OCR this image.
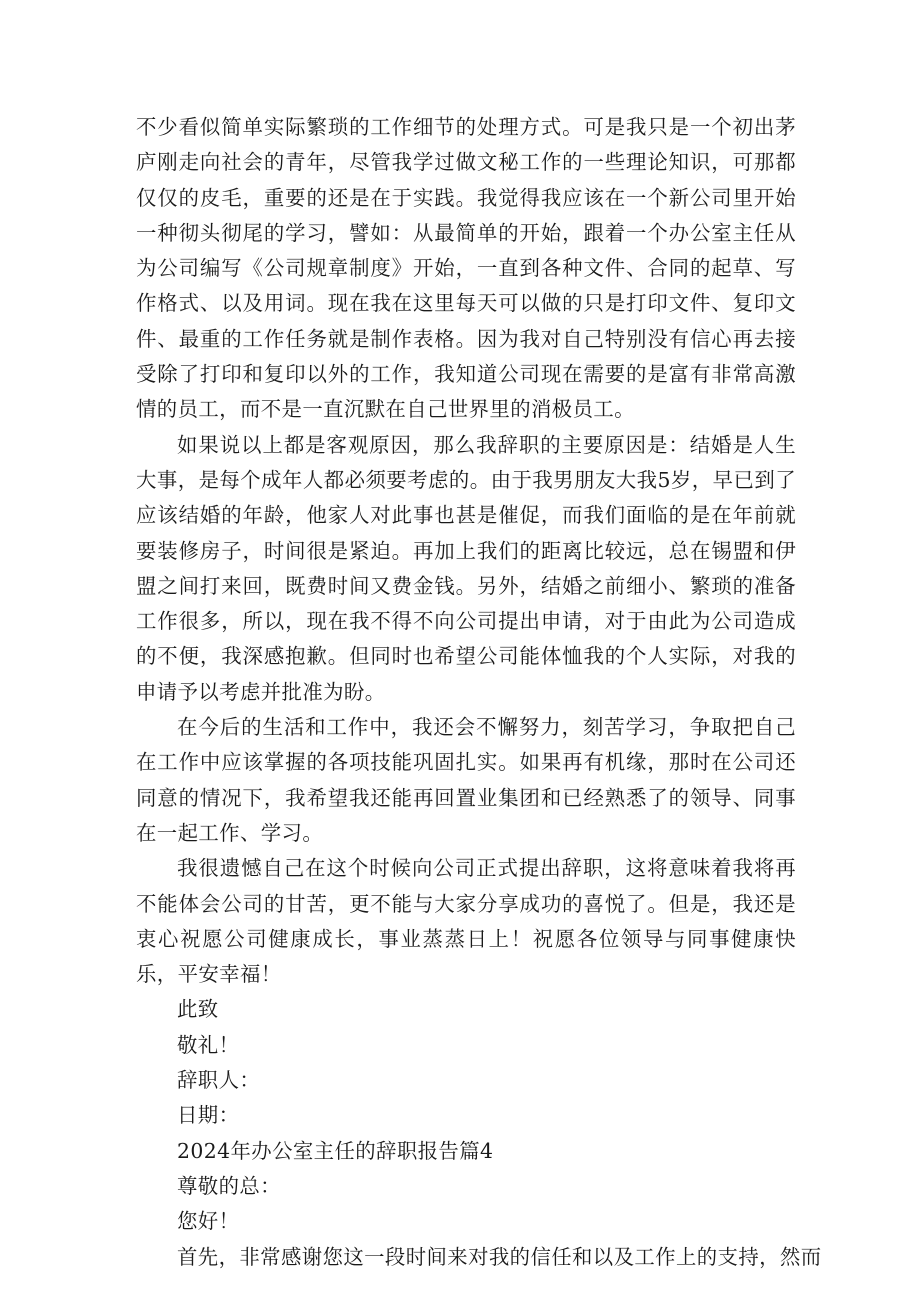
不少看似简单实际繁琐的工作细节的处理方式。可是我只是一个初出茅庐刚走向社会的青年，尽管我学过做文秘工作的一些理论知识，可那都仅仅的皮毛，重要的还是在于实践。我觉得我应该在一个新公司里开始一种彻头彻尾的学习，譬如：从最简单的开始，跟着一个办公室主任从为公司编写《公司规章制度》开始，一直到各种文件、合同的起草、写作格式、以及用词。现在我在这里每天可以做的只是打印文件、复印文件、最重的工作任务就是制作表格。因为我对自己特别没有信心再去接受除了打印和复印以外的工作，我知道公司现在需要的是富有非常高激情的员工，而不是一直沉默在自己世界里的消极员工。

如果说以上都是客观原因，那么我辞职的主要原因是：结婚是人生大事，是每个成年人都必须要考虑的。由于我男朋友大我5岁，早已到了应该结婚的年龄，他家人对此事也甚是催促，而我们面临的是在年前就要装修房子，时间很是紧迫。再加上我们的距离比较远，总在锡盟和伊盟之间打来回，既费时间又费金钱。另外，结婚之前细小、繁琐的准备工作很多，所以，现在我不得不向公司提出申请，对于由此为公司造成的不便，我深感抱歉。但同时也希望公司能体恤我的个人实际，对我的申请予以考虑并批准为盼。

在今后的生活和工作中，我还会不懈努力，刻苦学习，争取把自己在工作中应该掌握的各项技能巩固扎实。如果再有机缘，那时在公司还同意的情况下，我希望我还能再回置业集团和已经熟悉了的领导、同事在一起工作、学习。

我很遗憾自己在这个时候向公司正式提出辞职，这将意味着我将再不能体会公司的甘苦，更不能与大家分享成功的喜悦了。但是，我还是衷心祝愿公司健康成长，事业蒸蒸日上！祝愿各位领导与同事健康快乐，平安幸福！

此致

敬礼！

辞职人：

日期：

2024年办公室主任的辞职报告篇4

尊敬的总：

您好！

首先，非常感谢您这一段时间来对我的信任和以及工作上的支持，然而
